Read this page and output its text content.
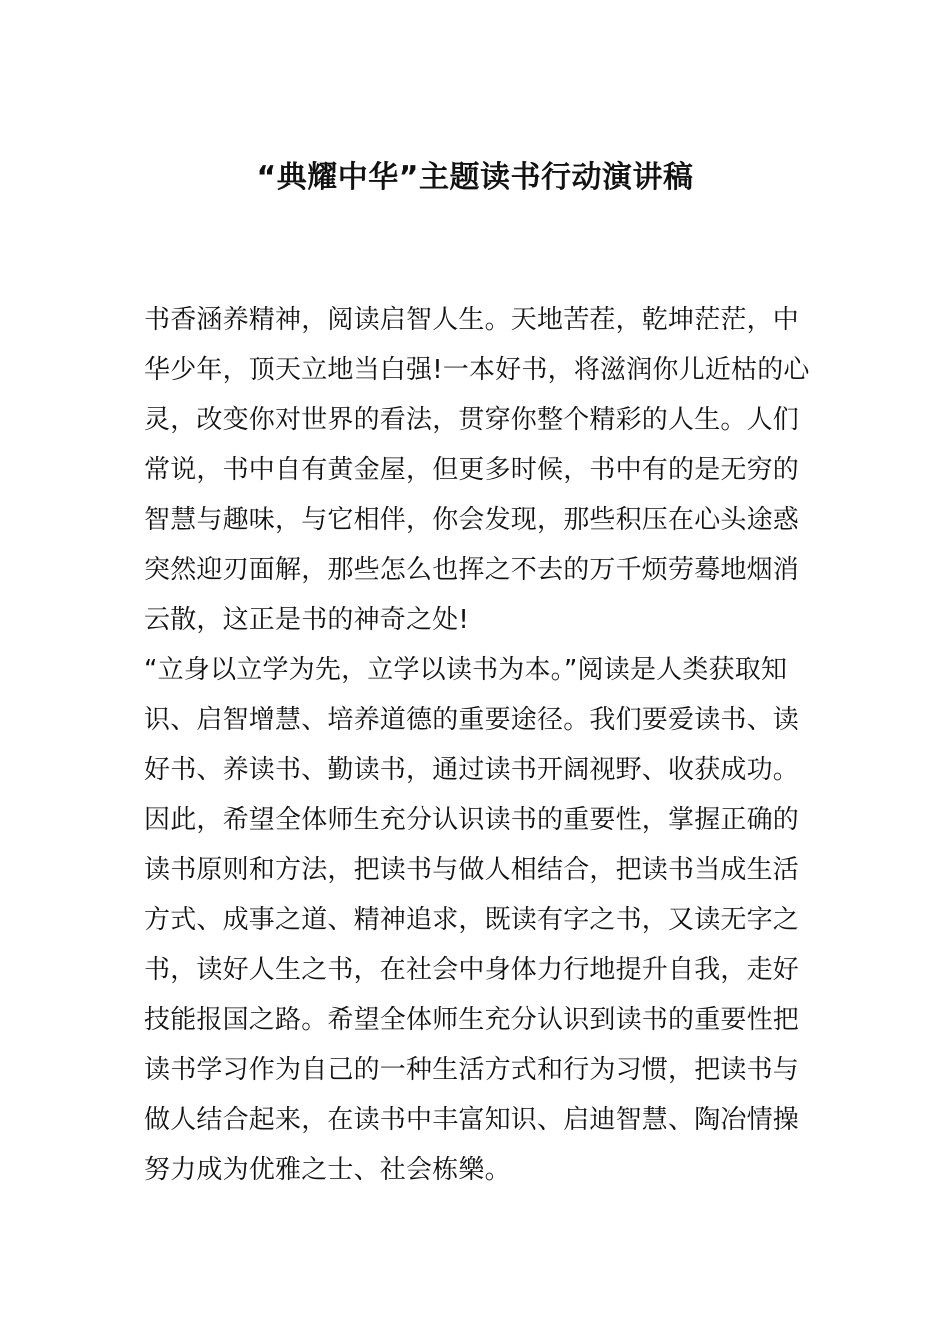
“典耀中华”主题读书行动演讲稿
书香涵养精神，阅读启智人生。天地苦茬，乾坤茫茫，中
华少年，顶天立地当白强!一本好书，将滋润你儿近枯的心
灵，改变你对世界的看法，贯穿你整个精彩的人生。人们
常说，书中自有黄金屋，但更多时候，书中有的是无穷的
智慧与趣味，与它相伴，你会发现，那些积压在心头途惑
突然迎刃面解，那些怎么也挥之不去的万千烦劳蓦地烟消
云散，这正是书的神奇之处!
“立身以立学为先，立学以读书为本。”阅读是人类获取知
识、启智增慧、培养道德的重要途径。我们要爱读书、读
好书、养读书、勤读书，通过读书开阔视野、收获成功。
因此，希望全体师生充分认识读书的重要性，掌握正确的
读书原则和方法，把读书与做人相结合，把读书当成生活
方式、成事之道、精神追求，既读有字之书，又读无字之
书，读好人生之书，在社会中身体力行地提升自我，走好
技能报国之路。希望全体师生充分认识到读书的重要性把
读书学习作为自己的一种生活方式和行为习惯，把读书与
做人结合起来，在读书中丰富知识、启迪智慧、陶冶情操
努力成为优雅之士、社会栋樂。
